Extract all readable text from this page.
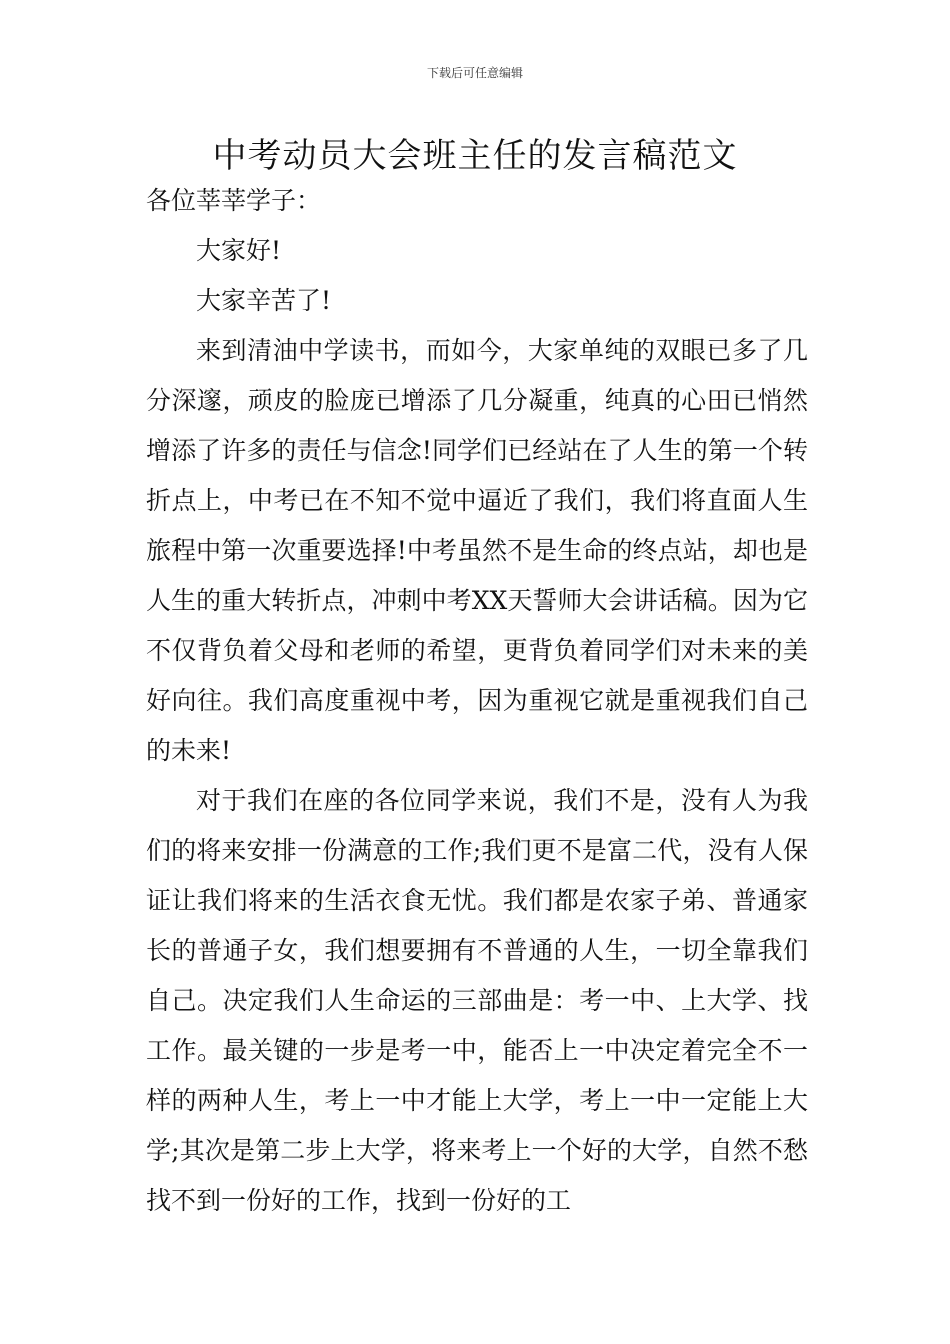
下载后可任意编辑
中考动员大会班主任的发言稿范文

各位莘莘学子：

大家好!

大家辛苦了!

来到清油中学读书，而如今，大家单纯的双眼已多了几分深邃，顽皮的脸庞已增添了几分凝重，纯真的心田已悄然增添了许多的责任与信念!同学们已经站在了人生的第一个转折点上，中考已在不知不觉中逼近了我们，我们将直面人生旅程中第一次重要选择!中考虽然不是生命的终点站，却也是人生的重大转折点，冲刺中考XX天誓师大会讲话稿。因为它不仅背负着父母和老师的希望，更背负着同学们对未来的美好向往。我们高度重视中考，因为重视它就是重视我们自己的未来!

对于我们在座的各位同学来说，我们不是，没有人为我们的将来安排一份满意的工作;我们更不是富二代，没有人保证让我们将来的生活衣食无忧。我们都是农家子弟、普通家长的普通子女，我们想要拥有不普通的人生，一切全靠我们自己。决定我们人生命运的三部曲是：考一中、上大学、找工作。最关键的一步是考一中，能否上一中决定着完全不一样的两种人生，考上一中才能上大学，考上一中一定能上大学;其次是第二步上大学，将来考上一个好的大学，自然不愁找不到一份好的工作，找到一份好的工
